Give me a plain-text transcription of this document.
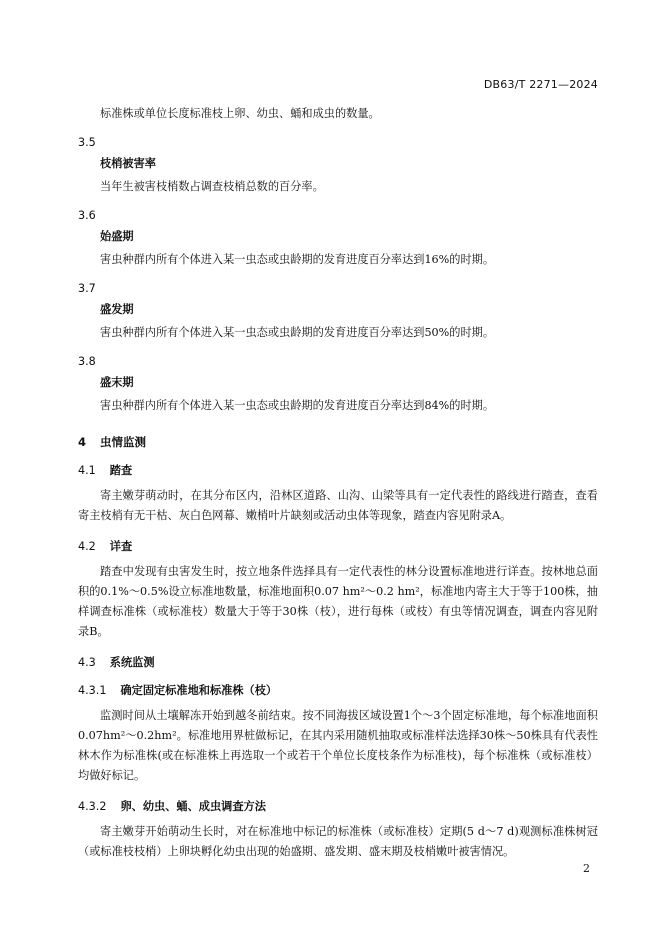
DB63/T 2271—2024

标准株或单位长度标准枝上卵、幼虫、蛹和成虫的数量。

3.5
枝梢被害率
当年生被害枝梢数占调查枝梢总数的百分率。
3.6
始盛期
害虫种群内所有个体进入某一虫态或虫龄期的发育进度百分率达到16%的时期。
3.7
盛发期
害虫种群内所有个体进入某一虫态或虫龄期的发育进度百分率达到50%的时期。
3.8
盛末期
害虫种群内所有个体进入某一虫态或虫龄期的发育进度百分率达到84%的时期。
4 虫情监测
4.1 踏查

寄主嫩芽萌动时，在其分布区内，沿林区道路、山沟、山梁等具有一定代表性的路线进行踏查，查看寄主枝梢有无干枯、灰白色网幕、嫩梢叶片缺刻或活动虫体等现象，踏查内容见附录A。

4.2 详查

踏查中发现有虫害发生时，按立地条件选择具有一定代表性的林分设置标准地进行详查。按林地总面积的0.1%～0.5%设立标准地数量，标准地面积0.07 hm²～0.2 hm²，标准地内寄主大于等于100株，抽样调查标准株（或标准枝）数量大于等于30株（枝），进行每株（或枝）有虫等情况调查，调查内容见附录B。

4.3 系统监测
4.3.1 确定固定标准地和标准株（枝）

监测时间从土壤解冻开始到越冬前结束。按不同海拔区域设置1个～3个固定标准地，每个标准地面积0.07hm²～0.2hm²。标准地用界桩做标记，在其内采用随机抽取或标准样法选择30株～50株具有代表性林木作为标准株(或在标准株上再选取一个或若干个单位长度枝条作为标准枝)，每个标准株（或标准枝）均做好标记。

4.3.2 卵、幼虫、蛹、成虫调查方法

寄主嫩芽开始萌动生长时，对在标准地中标记的标准株（或标准枝）定期(5 d～7 d)观测标准株树冠（或标准枝枝梢）上卵块孵化幼虫出现的始盛期、盛发期、盛末期及枝梢嫩叶被害情况。

2
